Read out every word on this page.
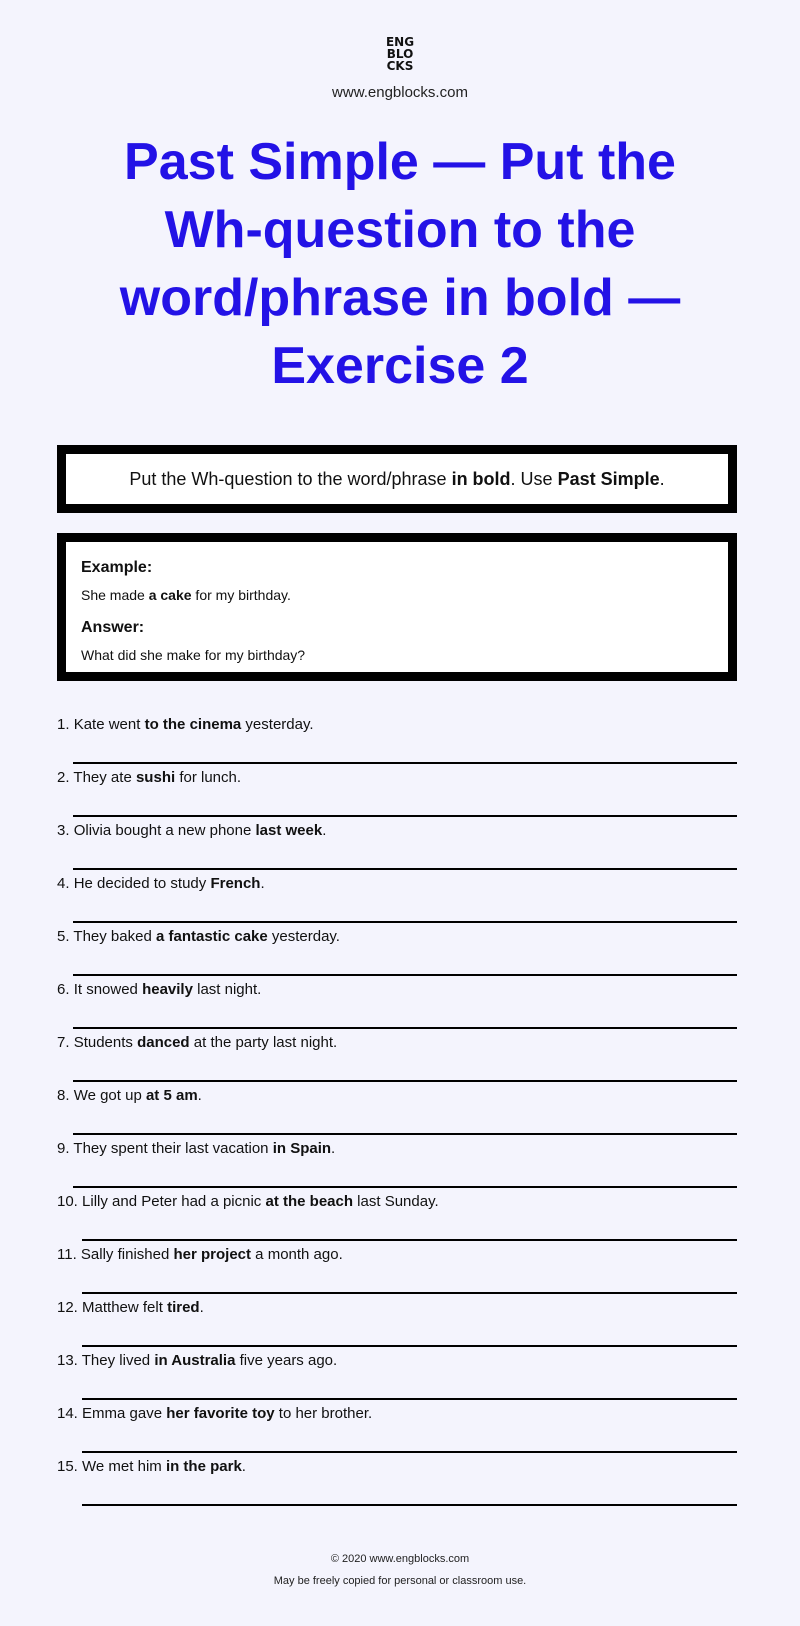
ENG
BLO
CKS
www.engblocks.com
Past Simple — Put the Wh-question to the word/phrase in bold — Exercise 2
Put the Wh-question to the word/phrase in bold. Use Past Simple.

Example:

She made a cake for my birthday.

Answer:

What did she make for my birthday?

1. Kate went to the cinema yesterday.
2. They ate sushi for lunch.
3. Olivia bought a new phone last week.
4. He decided to study French.
5. They baked a fantastic cake yesterday.
6. It snowed heavily last night.
7. Students danced at the party last night.
8. We got up at 5 am.
9. They spent their last vacation in Spain.
10. Lilly and Peter had a picnic at the beach last Sunday.
11. Sally finished her project a month ago.
12. Matthew felt tired.
13. They lived in Australia five years ago.
14. Emma gave her favorite toy to her brother.
15. We met him in the park.
© 2020 www.engblocks.com
May be freely copied for personal or classroom use.
